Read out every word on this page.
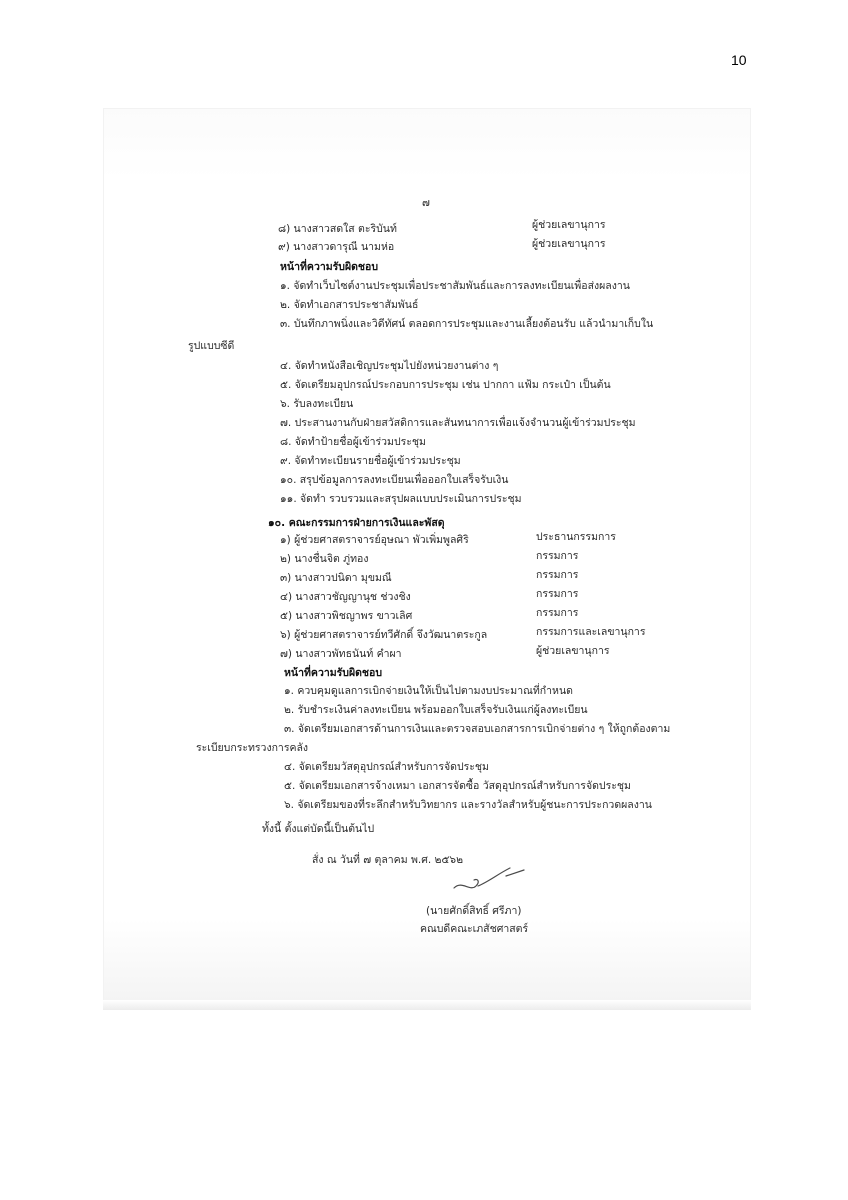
10
๗
๘) นางสาวสดใส ตะริบันท์	ผู้ช่วยเลขานุการ
๙) นางสาวดารุณี นามห่อ	ผู้ช่วยเลขานุการ
หน้าที่ความรับผิดชอบ
๑. จัดทำเว็บไซต์งานประชุมเพื่อประชาสัมพันธ์และการลงทะเบียนเพื่อส่งผลงาน
๒. จัดทำเอกสารประชาสัมพันธ์
๓. บันทึกภาพนิ่งและวิดีทัศน์ ตลอดการประชุมและงานเลี้ยงต้อนรับ แล้วนำมาเก็บใน
รูปแบบซีดี
๔. จัดทำหนังสือเชิญประชุมไปยังหน่วยงานต่าง ๆ
๕. จัดเตรียมอุปกรณ์ประกอบการประชุม เช่น ปากกา แฟ้ม กระเป๋า เป็นต้น
๖. รับลงทะเบียน
๗. ประสานงานกับฝ่ายสวัสดิการและสันทนาการเพื่อแจ้งจำนวนผู้เข้าร่วมประชุม
๘. จัดทำป้ายชื่อผู้เข้าร่วมประชุม
๙. จัดทำทะเบียนรายชื่อผู้เข้าร่วมประชุม
๑๐. สรุปข้อมูลการลงทะเบียนเพื่อออกใบเสร็จรับเงิน
๑๑. จัดทำ รวบรวมและสรุปผลแบบประเมินการประชุม
๑๐. คณะกรรมการฝ่ายการเงินและพัสดุ
๑) ผู้ช่วยศาสตราจารย์อุษณา พัวเพิ่มพูลศิริ	ประธานกรรมการ
๒) นางชื่นจิต ภู่ทอง	กรรมการ
๓) นางสาวปนิดา มุขมณี	กรรมการ
๔) นางสาวชัญญานุช ช่วงชิง	กรรมการ
๕) นางสาวพิชญาพร ขาวเลิศ	กรรมการ
๖) ผู้ช่วยศาสตราจารย์ทวีศักดิ์ จึงวัฒนาตระกูล	กรรมการและเลขานุการ
๗) นางสาวพัทธนันท์ คำผา	ผู้ช่วยเลขานุการ
หน้าที่ความรับผิดชอบ
๑. ควบคุมดูแลการเบิกจ่ายเงินให้เป็นไปตามงบประมาณที่กำหนด
๒. รับชำระเงินค่าลงทะเบียน พร้อมออกใบเสร็จรับเงินแก่ผู้ลงทะเบียน
๓. จัดเตรียมเอกสารด้านการเงินและตรวจสอบเอกสารการเบิกจ่ายต่าง ๆ ให้ถูกต้องตาม
ระเบียบกระทรวงการคลัง
๔. จัดเตรียมวัสดุอุปกรณ์สำหรับการจัดประชุม
๕. จัดเตรียมเอกสารจ้างเหมา เอกสารจัดซื้อ วัสดุอุปกรณ์สำหรับการจัดประชุม
๖. จัดเตรียมของที่ระลึกสำหรับวิทยากร และรางวัลสำหรับผู้ชนะการประกวดผลงาน
ทั้งนี้ ตั้งแต่บัดนี้เป็นต้นไป
สั่ง ณ วันที่ ๗ ตุลาคม พ.ศ. ๒๕๖๒
(นายศักดิ์สิทธิ์ ศรีภา)
คณบดีคณะเภสัชศาสตร์
